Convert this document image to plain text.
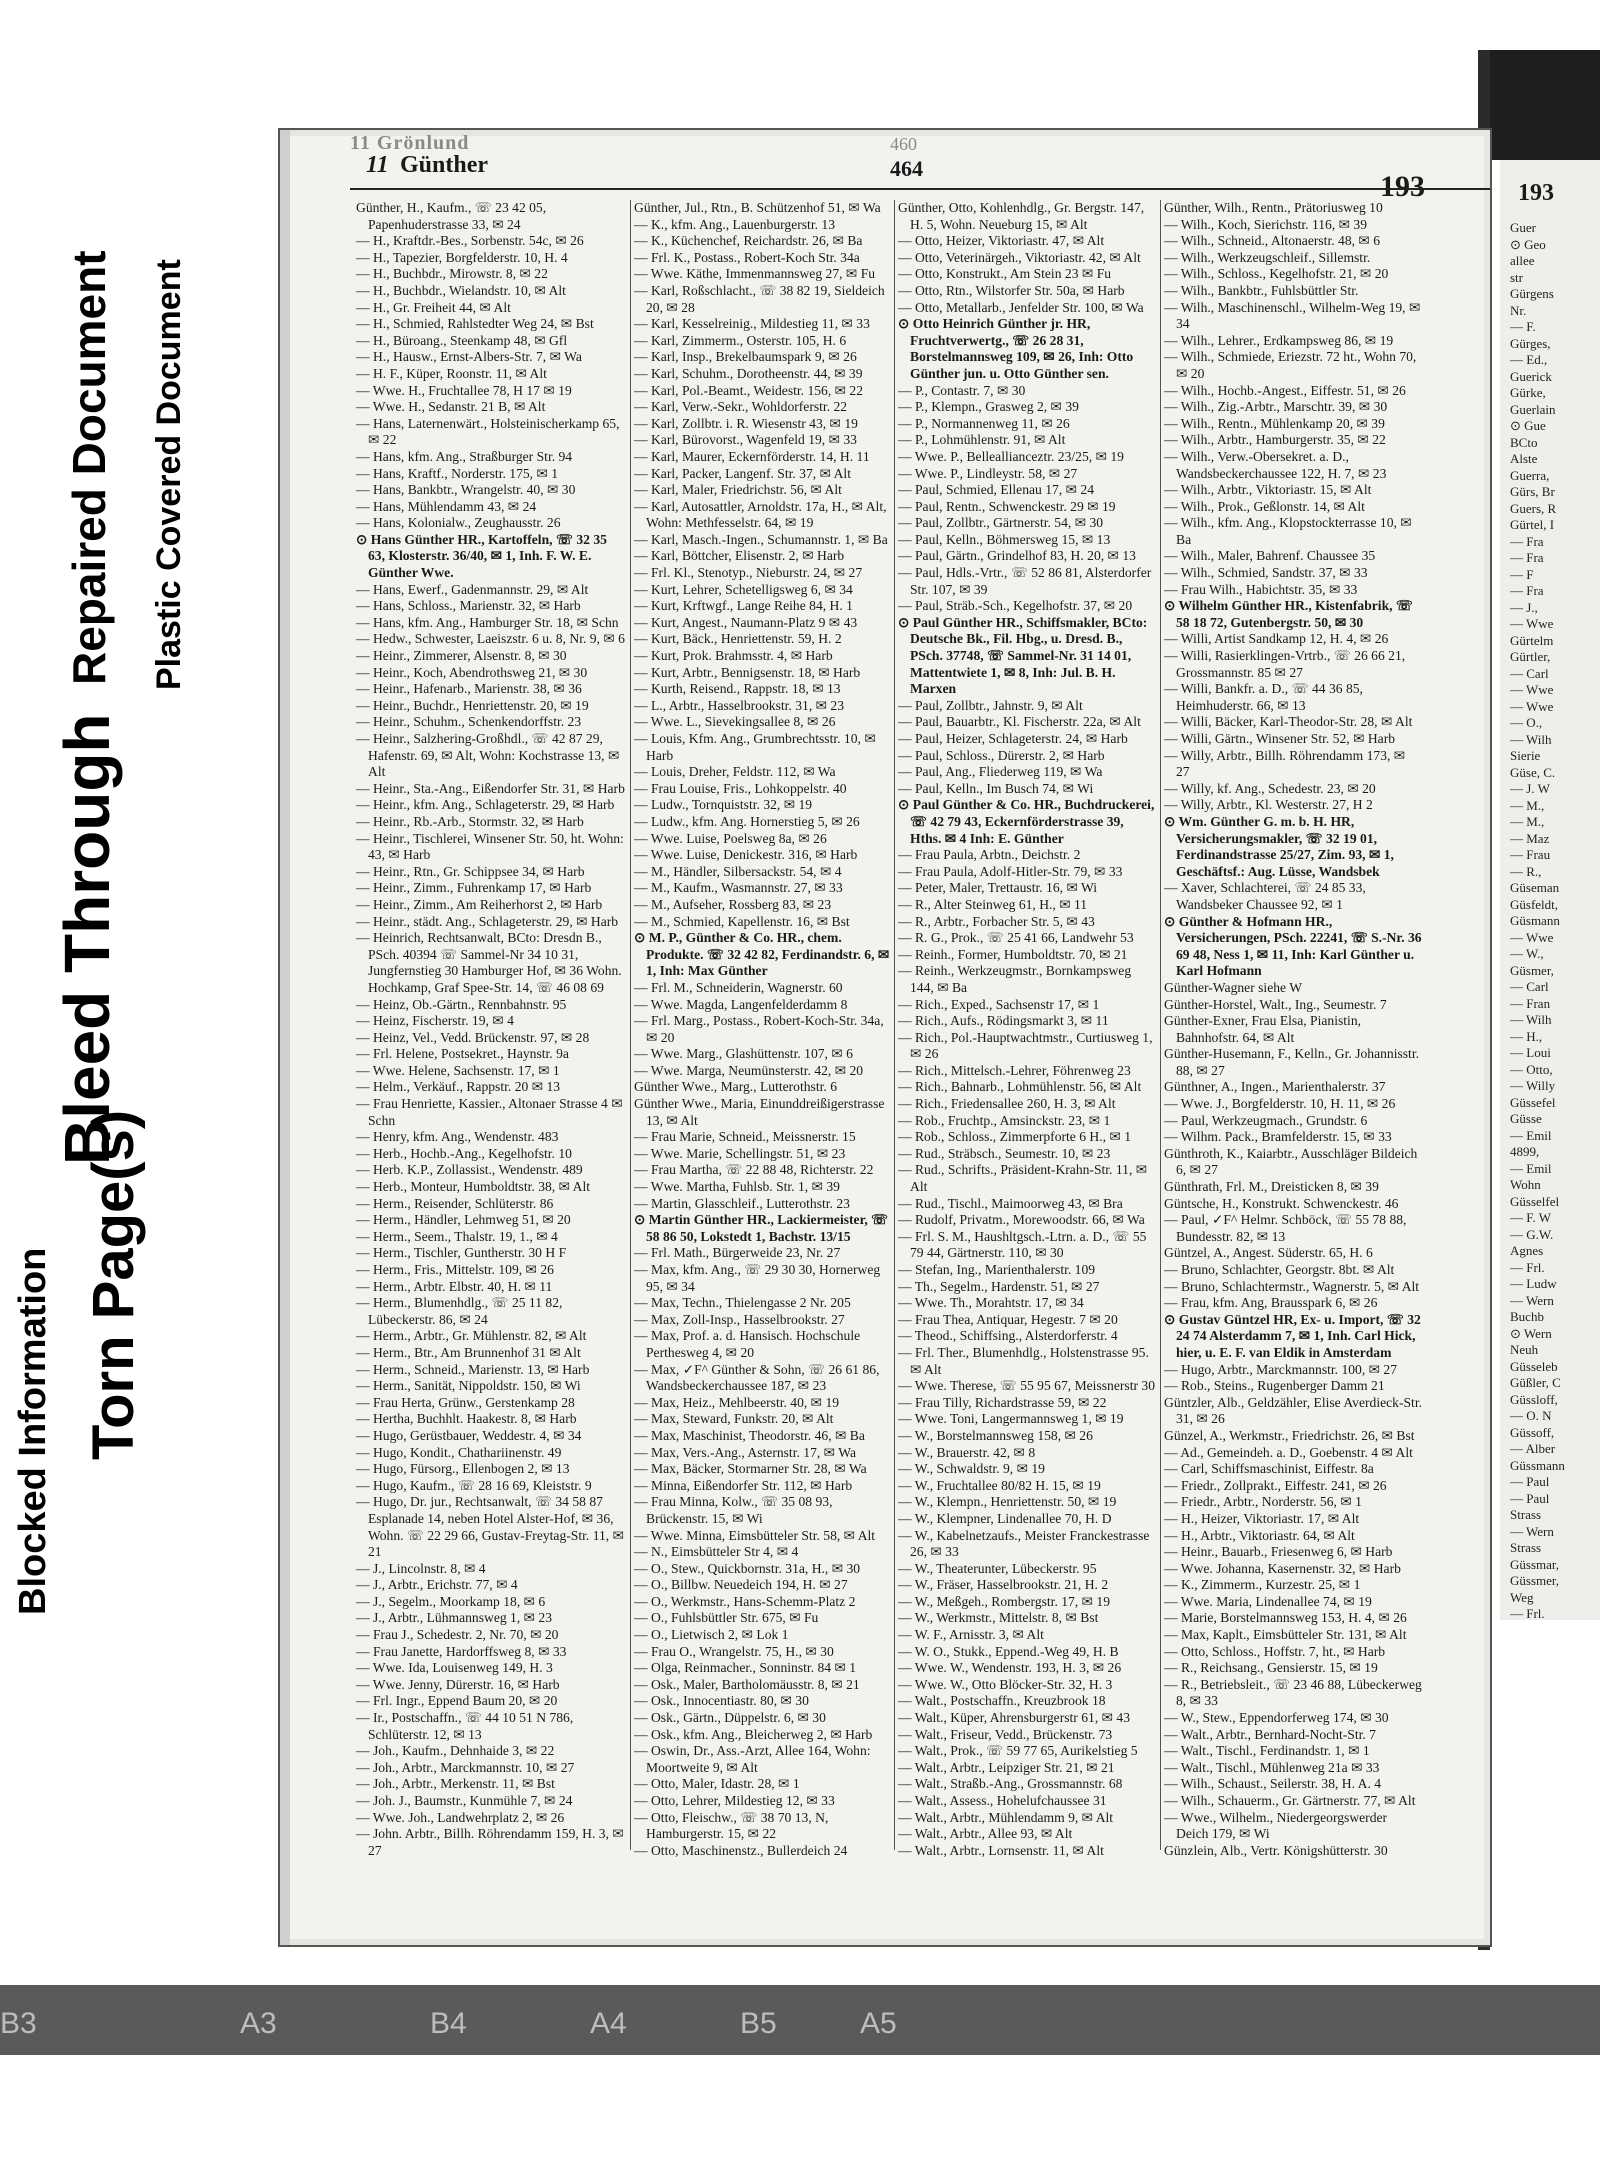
Blocked Information Torn Page(s)
Bleed Through
Repaired Document Plastic Covered Document
193
Guer
⊙ Geo
allee
str
Gürgens
Nr.
— F.
Gürges,
— Ed.,
Guerick
Gürke,
Guerlain
⊙ Gue
BCto
Alste
Guerra,
Gürs, Br
Guers, R
Gürtel, I
— Fra
— Fra
— F
— Fra
— J.,
— Wwe
Gürtelm
Gürtler,
— Carl
— Wwe
— Wwe
— O.,
— Wilh
Sierie
Güse, C.
— J. W
— M.,
— M.,
— Maz
— Frau
— R.,
Güseman
Güsfeldt,
Güsmann
— Wwe
— W.,
Güsmer,
— Carl
— Fran
— Wilh
— H.,
— Loui
— Otto,
— Willy
Güssefel
Güsse
— Emil
4899,
— Emil
Wohn
Güsselfel
— F. W
— G.W.
Agnes
— Frl.
— Ludw
— Wern
Buchb
⊙ Wern
Neuh
Güsseleb
Güßler, C
Güssloff,
— O. N
Güssoff,
— Alber
Güssmann
— Paul
— Paul
Strass
— Wern
Strass
Güssmar,
Güssmer,
Weg
— Frl.
11 Grönlund	460
11 Günther	464
193

Günther, H., Kaufm., ☏ 23 42 05, Papenhuderstrasse 33, ✉ 24

— H., Kraftdr.-Bes., Sorbenstr. 54c, ✉ 26

— H., Tapezier, Borgfelderstr. 10, H. 4

— H., Buchbdr., Mirowstr. 8, ✉ 22

— H., Buchbdr., Wielandstr. 10, ✉ Alt

— H., Gr. Freiheit 44, ✉ Alt

— H., Schmied, Rahlstedter Weg 24, ✉ Bst

— H., Büroang., Steenkamp 48, ✉ Gfl

— H., Hausw., Ernst-Albers-Str. 7, ✉ Wa

— H. F., Küper, Roonstr. 11, ✉ Alt

— Wwe. H., Fruchtallee 78, H 17 ✉ 19

— Wwe. H., Sedanstr. 21 B, ✉ Alt

— Hans, Laternenwärt., Holsteinischerkamp 65, ✉ 22

— Hans, kfm. Ang., Straßburger Str. 94

— Hans, Kraftf., Norderstr. 175, ✉ 1

— Hans, Bankbtr., Wrangelstr. 40, ✉ 30

— Hans, Mühlendamm 43, ✉ 24

— Hans, Kolonialw., Zeughausstr. 26

⊙ Hans Günther HR., Kartoffeln, ☏ 32 35 63, Klosterstr. 36/40, ✉ 1, Inh. F. W. E. Günther Wwe.

— Hans, Ewerf., Gadenmannstr. 29, ✉ Alt

— Hans, Schloss., Marienstr. 32, ✉ Harb

— Hans, kfm. Ang., Hamburger Str. 18, ✉ Schn

— Hedw., Schwester, Laeiszstr. 6 u. 8, Nr. 9, ✉ 6

— Heinr., Zimmerer, Alsenstr. 8, ✉ 30

— Heinr., Koch, Abendrothsweg 21, ✉ 30

— Heinr., Hafenarb., Marienstr. 38, ✉ 36

— Heinr., Buchdr., Henriettenstr. 20, ✉ 19

— Heinr., Schuhm., Schenkendorffstr. 23

— Heinr., Salzhering-Großhdl., ☏ 42 87 29, Hafenstr. 69, ✉ Alt, Wohn: Kochstrasse 13, ✉ Alt

— Heinr., Sta.-Ang., Eißendorfer Str. 31, ✉ Harb

— Heinr., kfm. Ang., Schlageterstr. 29, ✉ Harb

— Heinr., Rb.-Arb., Stormstr. 32, ✉ Harb

— Heinr., Tischlerei, Winsener Str. 50, ht. Wohn: 43, ✉ Harb

— Heinr., Rtn., Gr. Schippsee 34, ✉ Harb

— Heinr., Zimm., Fuhrenkamp 17, ✉ Harb

— Heinr., Zimm., Am Reiherhorst 2, ✉ Harb

— Heinr., städt. Ang., Schlageterstr. 29, ✉ Harb

— Heinrich, Rechtsanwalt, BCto: Dresdn B., PSch. 40394 ☏ Sammel-Nr 34 10 31, Jungfernstieg 30 Hamburger Hof, ✉ 36 Wohn. Hochkamp, Graf Spee-Str. 14, ☏ 46 08 69

— Heinz, Ob.-Gärtn., Rennbahnstr. 95

— Heinz, Fischerstr. 19, ✉ 4

— Heinz, Vel., Vedd. Brückenstr. 97, ✉ 28

— Frl. Helene, Postsekret., Haynstr. 9a

— Wwe. Helene, Sachsenstr. 17, ✉ 1

— Helm., Verkäuf., Rappstr. 20 ✉ 13

— Frau Henriette, Kassier., Altonaer Strasse 4 ✉ Schn

— Henry, kfm. Ang., Wendenstr. 483

— Herb., Hochb.-Ang., Kegelhofstr. 10

— Herb. K.P., Zollassist., Wendenstr. 489

— Herb., Monteur, Humboldtstr. 38, ✉ Alt

— Herm., Reisender, Schlüterstr. 86

— Herm., Händler, Lehmweg 51, ✉ 20

— Herm., Seem., Thalstr. 19, 1., ✉ 4

— Herm., Tischler, Guntherstr. 30 H F

— Herm., Fris., Mittelstr. 109, ✉ 26

— Herm., Arbtr. Elbstr. 40, H. ✉ 11

— Herm., Blumenhdlg., ☏ 25 11 82, Lübeckerstr. 86, ✉ 24

— Herm., Arbtr., Gr. Mühlenstr. 82, ✉ Alt

— Herm., Btr., Am Brunnenhof 31 ✉ Alt

— Herm., Schneid., Marienstr. 13, ✉ Harb

— Herm., Sanität, Nippoldstr. 150, ✉ Wi

— Frau Herta, Grünw., Gerstenkamp 28

— Hertha, Buchhlt. Haakestr. 8, ✉ Harb

— Hugo, Gerüstbauer, Weddestr. 4, ✉ 34

— Hugo, Kondit., Chathariinenstr. 49

— Hugo, Fürsorg., Ellenbogen 2, ✉ 13

— Hugo, Kaufm., ☏ 28 16 69, Kleiststr. 9

— Hugo, Dr. jur., Rechtsanwalt, ☏ 34 58 87 Esplanade 14, neben Hotel Alster-Hof, ✉ 36, Wohn. ☏ 22 29 66, Gustav-Freytag-Str. 11, ✉ 21

— J., Lincolnstr. 8, ✉ 4

— J., Arbtr., Erichstr. 77, ✉ 4

— J., Segelm., Moorkamp 18, ✉ 6

— J., Arbtr., Lühmannsweg 1, ✉ 23

— Frau J., Schedestr. 2, Nr. 70, ✉ 20

— Frau Janette, Hardorffsweg 8, ✉ 33

— Wwe. Ida, Louisenweg 149, H. 3

— Wwe. Jenny, Dürerstr. 16, ✉ Harb

— Frl. Ingr., Eppend Baum 20, ✉ 20

— Ir., Postschaffn., ☏ 44 10 51 N 786, Schlüterstr. 12, ✉ 13

— Joh., Kaufm., Dehnhaide 3, ✉ 22

— Joh., Arbtr., Marckmannstr. 10, ✉ 27

— Joh., Arbtr., Merkenstr. 11, ✉ Bst

— Joh. J., Baumstr., Kunmühle 7, ✉ 24

— Wwe. Joh., Landwehrplatz 2, ✉ 26

— John. Arbtr., Billh. Röhrendamm 159, H. 3, ✉ 27

Günther, Jul., Rtn., B. Schützenhof 51, ✉ Wa

— K., kfm. Ang., Lauenburgerstr. 13

— K., Küchenchef, Reichardstr. 26, ✉ Ba

— Frl. K., Postass., Robert-Koch Str. 34a

— Wwe. Käthe, Immenmannsweg 27, ✉ Fu

— Karl, Roßschlacht., ☏ 38 82 19, Sieldeich 20, ✉ 28

— Karl, Kesselreinig., Mildestieg 11, ✉ 33

— Karl, Zimmerm., Osterstr. 105, H. 6

— Karl, Insp., Brekelbaumspark 9, ✉ 26

— Karl, Schuhm., Dorotheenstr. 44, ✉ 39

— Karl, Pol.-Beamt., Weidestr. 156, ✉ 22

— Karl, Verw.-Sekr., Wohldorferstr. 22

— Karl, Zollbtr. i. R. Wiesenstr 43, ✉ 19

— Karl, Bürovorst., Wagenfeld 19, ✉ 33

— Karl, Maurer, Eckernförderstr. 14, H. 11

— Karl, Packer, Langenf. Str. 37, ✉ Alt

— Karl, Maler, Friedrichstr. 56, ✉ Alt

— Karl, Autosattler, Arnoldstr. 17a, H., ✉ Alt, Wohn: Methfesselstr. 64, ✉ 19

— Karl, Masch.-Ingen., Schumannstr. 1, ✉ Ba

— Karl, Böttcher, Elisenstr. 2, ✉ Harb

— Frl. Kl., Stenotyp., Nieburstr. 24, ✉ 27

— Kurt, Lehrer, Schetelligsweg 6, ✉ 34

— Kurt, Krftwgf., Lange Reihe 84, H. 1

— Kurt, Angest., Naumann-Platz 9 ✉ 43

— Kurt, Bäck., Henriettenstr. 59, H. 2

— Kurt, Prok. Brahmsstr. 4, ✉ Harb

— Kurt, Arbtr., Bennigsenstr. 18, ✉ Harb

— Kurth, Reisend., Rappstr. 18, ✉ 13

— L., Arbtr., Hasselbrookstr. 31, ✉ 23

— Wwe. L., Sievekingsallee 8, ✉ 26

— Louis, Kfm. Ang., Grumbrechtsstr. 10, ✉ Harb

— Louis, Dreher, Feldstr. 112, ✉ Wa

— Frau Louise, Fris., Lohkoppelstr. 40

— Ludw., Tornquiststr. 32, ✉ 19

— Ludw., kfm. Ang. Hornerstieg 5, ✉ 26

— Wwe. Luise, Poelsweg 8a, ✉ 26

— Wwe. Luise, Denickestr. 316, ✉ Harb

— M., Händler, Silbersackstr. 54, ✉ 4

— M., Kaufm., Wasmannstr. 27, ✉ 33

— M., Aufseher, Rossberg 83, ✉ 23

— M., Schmied, Kapellenstr. 16, ✉ Bst

⊙ M. P., Günther & Co. HR., chem. Produkte. ☏ 32 42 82, Ferdinandstr. 6, ✉ 1, Inh: Max Günther

— Frl. M., Schneiderin, Wagnerstr. 60

— Wwe. Magda, Langenfelderdamm 8

— Frl. Marg., Postass., Robert-Koch-Str. 34a, ✉ 20

— Wwe. Marg., Glashüttenstr. 107, ✉ 6

— Wwe. Marga, Neumünsterstr. 42, ✉ 20

Günther Wwe., Marg., Lutterothstr. 6

Günther Wwe., Maria, Einunddreißigerstrasse 13, ✉ Alt

— Frau Marie, Schneid., Meissnerstr. 15

— Wwe. Marie, Schellingstr. 51, ✉ 23

— Frau Martha, ☏ 22 88 48, Richterstr. 22

— Wwe. Martha, Fuhlsb. Str. 1, ✉ 39

— Martin, Glasschleif., Lutterothstr. 23

⊙ Martin Günther HR., Lackiermeister, ☏ 58 86 50, Lokstedt 1, Bachstr. 13/15

— Frl. Math., Bürgerweide 23, Nr. 27

— Max, kfm. Ang., ☏ 29 30 30, Hornerweg 95, ✉ 34

— Max, Techn., Thielengasse 2 Nr. 205

— Max, Zoll-Insp., Hasselbrookstr. 27

— Max, Prof. a. d. Hansisch. Hochschule Perthesweg 4, ✉ 20

— Max, ✓F^ Günther & Sohn, ☏ 26 61 86, Wandsbeckerchaussee 187, ✉ 23

— Max, Heiz., Mehlbeerstr. 40, ✉ 19

— Max, Steward, Funkstr. 20, ✉ Alt

— Max, Maschinist, Theodorstr. 46, ✉ Ba

— Max, Vers.-Ang., Asternstr. 17, ✉ Wa

— Max, Bäcker, Stormarner Str. 28, ✉ Wa

— Minna, Eißendorfer Str. 112, ✉ Harb

— Frau Minna, Kolw., ☏ 35 08 93, Brückenstr. 15, ✉ Wi

— Wwe. Minna, Eimsbütteler Str. 58, ✉ Alt

— N., Eimsbütteler Str 4, ✉ 4

— O., Stew., Quickbornstr. 31a, H., ✉ 30

— O., Billbw. Neuedeich 194, H. ✉ 27

— O., Werkmstr., Hans-Schemm-Platz 2

— O., Fuhlsbüttler Str. 675, ✉ Fu

— O., Lietwisch 2, ✉ Lok 1

— Frau O., Wrangelstr. 75, H., ✉ 30

— Olga, Reinmacher., Sonninstr. 84 ✉ 1

— Osk., Maler, Bartholomäusstr. 8, ✉ 21

— Osk., Innocentiastr. 80, ✉ 30

— Osk., Gärtn., Düppelstr. 6, ✉ 30

— Osk., kfm. Ang., Bleicherweg 2, ✉ Harb

— Oswin, Dr., Ass.-Arzt, Allee 164, Wohn: Moortweite 9, ✉ Alt

— Otto, Maler, Idastr. 28, ✉ 1

— Otto, Lehrer, Mildestieg 12, ✉ 33

— Otto, Fleischw., ☏ 38 70 13, N, Hamburgerstr. 15, ✉ 22

— Otto, Maschinenstz., Bullerdeich 24

Günther, Otto, Kohlenhdlg., Gr. Bergstr. 147, H. 5, Wohn. Neueburg 15, ✉ Alt

— Otto, Heizer, Viktoriastr. 47, ✉ Alt

— Otto, Veterinärgeh., Viktoriastr. 42, ✉ Alt

— Otto, Konstrukt., Am Stein 23 ✉ Fu

— Otto, Rtn., Wilstorfer Str. 50a, ✉ Harb

— Otto, Metallarb., Jenfelder Str. 100, ✉ Wa

⊙ Otto Heinrich Günther jr. HR, Fruchtverwertg., ☏ 26 28 31, Borstelmannsweg 109, ✉ 26, Inh: Otto Günther jun. u. Otto Günther sen.

— P., Contastr. 7, ✉ 30

— P., Klempn., Grasweg 2, ✉ 39

— P., Normannenweg 11, ✉ 26

— P., Lohmühlenstr. 91, ✉ Alt

— Wwe. P., Belleallianceztr. 23/25, ✉ 19

— Wwe. P., Lindleystr. 58, ✉ 27

— Paul, Schmied, Ellenau 17, ✉ 24

— Paul, Rentn., Schwenckestr. 29 ✉ 19

— Paul, Zollbtr., Gärtnerstr. 54, ✉ 30

— Paul, Kelln., Böhmersweg 15, ✉ 13

— Paul, Gärtn., Grindelhof 83, H. 20, ✉ 13

— Paul, Hdls.-Vrtr., ☏ 52 86 81, Alsterdorfer Str. 107, ✉ 39

— Paul, Sträb.-Sch., Kegelhofstr. 37, ✉ 20

⊙ Paul Günther HR., Schiffsmakler, BCto: Deutsche Bk., Fil. Hbg., u. Dresd. B., PSch. 37748, ☏ Sammel-Nr. 31 14 01, Mattentwiete 1, ✉ 8, Inh: Jul. B. H. Marxen

— Paul, Zollbtr., Jahnstr. 9, ✉ Alt

— Paul, Bauarbtr., Kl. Fischerstr. 22a, ✉ Alt

— Paul, Heizer, Schlageterstr. 24, ✉ Harb

— Paul, Schloss., Dürerstr. 2, ✉ Harb

— Paul, Ang., Fliederweg 119, ✉ Wa

— Paul, Kelln., Im Busch 74, ✉ Wi

⊙ Paul Günther & Co. HR., Buchdruckerei, ☏ 42 79 43, Eckernförderstrasse 39, Hths. ✉ 4 Inh: E. Günther

— Frau Paula, Arbtn., Deichstr. 2

— Frau Paula, Adolf-Hitler-Str. 79, ✉ 33

— Peter, Maler, Trettaustr. 16, ✉ Wi

— R., Alter Steinweg 61, H., ✉ 11

— R., Arbtr., Forbacher Str. 5, ✉ 43

— R. G., Prok., ☏ 25 41 66, Landwehr 53

— Reinh., Former, Humboldtstr. 70, ✉ 21

— Reinh., Werkzeugmstr., Bornkampsweg 144, ✉ Ba

— Rich., Exped., Sachsenstr 17, ✉ 1

— Rich., Aufs., Rödingsmarkt 3, ✉ 11

— Rich., Pol.-Hauptwachtmstr., Curtiusweg 1, ✉ 26

— Rich., Mittelsch.-Lehrer, Föhrenweg 23

— Rich., Bahnarb., Lohmühlenstr. 56, ✉ Alt

— Rich., Friedensallee 260, H. 3, ✉ Alt

— Rob., Fruchtp., Amsinckstr. 23, ✉ 1

— Rob., Schloss., Zimmerpforte 6 H., ✉ 1

— Rud., Sträbsch., Seumestr. 10, ✉ 23

— Rud., Schrifts., Präsident-Krahn-Str. 11, ✉ Alt

— Rud., Tischl., Maimoorweg 43, ✉ Bra

— Rudolf, Privatm., Morewoodstr. 66, ✉ Wa

— Frl. S. M., Haushltgsch.-Ltrn. a. D., ☏ 55 79 44, Gärtnerstr. 110, ✉ 30

— Stefan, Ing., Marienthalerstr. 109

— Th., Segelm., Hardenstr. 51, ✉ 27

— Wwe. Th., Morahtstr. 17, ✉ 34

— Frau Thea, Antiquar, Hegestr. 7 ✉ 20

— Theod., Schiffsing., Alsterdorferstr. 4

— Frl. Ther., Blumenhdlg., Holstenstrasse 95. ✉ Alt

— Wwe. Therese, ☏ 55 95 67, Meissnerstr 30

— Frau Tilly, Richardstrasse 59, ✉ 22

— Wwe. Toni, Langermannsweg 1, ✉ 19

— W., Borstelmannsweg 158, ✉ 26

— W., Brauerstr. 42, ✉ 8

— W., Schwaldstr. 9, ✉ 19

— W., Fruchtallee 80/82 H. 15, ✉ 19

— W., Klempn., Henriettenstr. 50, ✉ 19

— W., Klempner, Lindenallee 70, H. D

— W., Kabelnetzaufs., Meister Franckestrasse 26, ✉ 33

— W., Theaterunter, Lübeckerstr. 95

— W., Fräser, Hasselbrookstr. 21, H. 2

— W., Meßgeh., Rombergstr. 17, ✉ 19

— W., Werkmstr., Mittelstr. 8, ✉ Bst

— W. F., Arnisstr. 3, ✉ Alt

— W. O., Stukk., Eppend.-Weg 49, H. B

— Wwe. W., Wendenstr. 193, H. 3, ✉ 26

— Wwe. W., Otto Blöcker-Str. 32, H. 3

— Walt., Postschaffn., Kreuzbrook 18

— Walt., Küper, Ahrensburgerstr 61, ✉ 43

— Walt., Friseur, Vedd., Brückenstr. 73

— Walt., Prok., ☏ 59 77 65, Aurikelstieg 5

— Walt., Arbtr., Leipziger Str. 21, ✉ 21

— Walt., Straßb.-Ang., Grossmannstr. 68

— Walt., Assess., Hohelufchaussee 31

— Walt., Arbtr., Mühlendamm 9, ✉ Alt

— Walt., Arbtr., Allee 93, ✉ Alt

— Walt., Arbtr., Lornsenstr. 11, ✉ Alt

Günther, Wilh., Rentn., Prätoriusweg 10

— Wilh., Koch, Sierichstr. 116, ✉ 39

— Wilh., Schneid., Altonaerstr. 48, ✉ 6

— Wilh., Werkzeugschleif., Sillemstr.

— Wilh., Schloss., Kegelhofstr. 21, ✉ 20

— Wilh., Bankbtr., Fuhlsbüttler Str.

— Wilh., Maschinenschl., Wilhelm-Weg 19, ✉ 34

— Wilh., Lehrer., Erdkampsweg 86, ✉ 19

— Wilh., Schmiede, Eriezstr. 72 ht., Wohn 70, ✉ 20

— Wilh., Hochb.-Angest., Eiffestr. 51, ✉ 26

— Wilh., Zig.-Arbtr., Marschtr. 39, ✉ 30

— Wilh., Rentn., Mühlenkamp 20, ✉ 39

— Wilh., Arbtr., Hamburgerstr. 35, ✉ 22

— Wilh., Verw.-Obersekret. a. D., Wandsbeckerchaussee 122, H. 7, ✉ 23

— Wilh., Arbtr., Viktoriastr. 15, ✉ Alt

— Wilh., Prok., Geßlonstr. 14, ✉ Alt

— Wilh., kfm. Ang., Klopstockterrasse 10, ✉ Ba

— Wilh., Maler, Bahrenf. Chaussee 35

— Wilh., Schmied, Sandstr. 37, ✉ 33

— Frau Wilh., Habichtstr. 35, ✉ 33

⊙ Wilhelm Günther HR., Kistenfabrik, ☏ 58 18 72, Gutenbergstr. 50, ✉ 30

— Willi, Artist Sandkamp 12, H. 4, ✉ 26

— Willi, Rasierklingen-Vrtrb., ☏ 26 66 21, Grossmannstr. 85 ✉ 27

— Willi, Bankfr. a. D., ☏ 44 36 85, Heimhuderstr. 66, ✉ 13

— Willi, Bäcker, Karl-Theodor-Str. 28, ✉ Alt

— Willi, Gärtn., Winsener Str. 52, ✉ Harb

— Willy, Arbtr., Billh. Röhrendamm 173, ✉ 27

— Willy, kf. Ang., Schedestr. 23, ✉ 20

— Willy, Arbtr., Kl. Westerstr. 27, H 2

⊙ Wm. Günther G. m. b. H. HR, Versicherungsmakler, ☏ 32 19 01, Ferdinandstrasse 25/27, Zim. 93, ✉ 1, Geschäftsf.: Aug. Lüsse, Wandsbek

— Xaver, Schlachterei, ☏ 24 85 33, Wandsbeker Chaussee 92, ✉ 1

⊙ Günther & Hofmann HR., Versicherungen, PSch. 22241, ☏ S.-Nr. 36 69 48, Ness 1, ✉ 11, Inh: Karl Günther u. Karl Hofmann

Günther-Wagner siehe W

Günther-Horstel, Walt., Ing., Seumestr. 7

Günther-Exner, Frau Elsa, Pianistin, Bahnhofstr. 64, ✉ Alt

Günther-Husemann, F., Kelln., Gr. Johannisstr. 88, ✉ 27

Günthner, A., Ingen., Marienthalerstr. 37

— Wwe. J., Borgfelderstr. 10, H. 11, ✉ 26

— Paul, Werkzeugmach., Grundstr. 6

— Wilhm. Pack., Bramfelderstr. 15, ✉ 33

Günthroth, K., Kaiarbtr., Ausschläger Bildeich 6, ✉ 27

Günthrath, Frl. M., Dreisticken 8, ✉ 39

Güntsche, H., Konstrukt. Schwenckestr. 46

— Paul, ✓F^ Helmr. Schböck, ☏ 55 78 88, Bundesstr. 82, ✉ 13

Güntzel, A., Angest. Süderstr. 65, H. 6

— Bruno, Schlachter, Georgstr. 8bt. ✉ Alt

— Bruno, Schlachtermstr., Wagnerstr. 5, ✉ Alt

— Frau, kfm. Ang, Brausspark 6, ✉ 26

⊙ Gustav Güntzel HR, Ex- u. Import, ☏ 32 24 74 Alsterdamm 7, ✉ 1, Inh. Carl Hick, hier, u. E. F. van Eldik in Amsterdam

— Hugo, Arbtr., Marckmannstr. 100, ✉ 27

— Rob., Steins., Rugenberger Damm 21

Güntzler, Alb., Geldzähler, Elise Averdieck-Str. 31, ✉ 26

Günzel, A., Werkmstr., Friedrichstr. 26, ✉ Bst

— Ad., Gemeindeh. a. D., Goebenstr. 4 ✉ Alt

— Carl, Schiffsmaschinist, Eiffestr. 8a

— Friedr., Zollprakt., Eiffestr. 241, ✉ 26

— Friedr., Arbtr., Norderstr. 56, ✉ 1

— H., Heizer, Viktoriastr. 17, ✉ Alt

— H., Arbtr., Viktoriastr. 64, ✉ Alt

— Heinr., Bauarb., Friesenweg 6, ✉ Harb

— Wwe. Johanna, Kasernenstr. 32, ✉ Harb

— K., Zimmerm., Kurzestr. 25, ✉ 1

— Wwe. Maria, Lindenallee 74, ✉ 19

— Marie, Borstelmannsweg 153, H. 4, ✉ 26

— Max, Kaplt., Eimsbütteler Str. 131, ✉ Alt

— Otto, Schloss., Hoffstr. 7, ht., ✉ Harb

— R., Reichsang., Gensierstr. 15, ✉ 19

— R., Betriebsleit., ☏ 23 46 88, Lübeckerweg 8, ✉ 33

— W., Stew., Eppendorferweg 174, ✉ 30

— Walt., Arbtr., Bernhard-Nocht-Str. 7

— Walt., Tischl., Ferdinandstr. 1, ✉ 1

— Walt., Tischl., Mühlenweg 21a ✉ 33

— Wilh., Schaust., Seilerstr. 38, H. A. 4

— Wilh., Schauerm., Gr. Gärtnerstr. 77, ✉ Alt

— Wwe., Wilhelm., Niedergeorgswerder Deich 179, ✉ Wi

Günzlein, Alb., Vertr. Königshütterstr. 30

B3	A3	B4	A4	B5	A5
